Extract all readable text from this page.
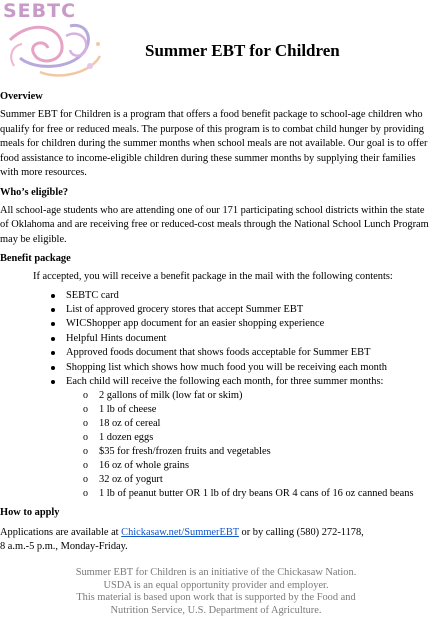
SEBTC
Summer EBT for Children
Overview

Summer EBT for Children is a program that offers a food benefit package to school-age children who qualify for free or reduced meals. The purpose of this program is to combat child hunger by providing meals for children during the summer months when school meals are not available. Our goal is to offer food assistance to income-eligible children during these summer months by supplying their families with more resources.

Who’s eligible?

All school-age students who are attending one of our 171 participating school districts within the state of Oklahoma and are receiving free or reduced-cost meals through the National School Lunch Program may be eligible.

Benefit package

If accepted, you will receive a benefit package in the mail with the following contents:

SEBTC card
List of approved grocery stores that accept Summer EBT
WICShopper app document for an easier shopping experience
Helpful Hints document
Approved foods document that shows foods acceptable for Summer EBT
Shopping list which shows how much food you will be receiving each month
Each child will receive the following each month, for three summer months:
o 2 gallons of milk (low fat or skim)
o 1 lb of cheese
o 18 oz of cereal
o 1 dozen eggs
o $35 for fresh/frozen fruits and vegetables
o 16 oz of whole grains
o 32 oz of yogurt
o 1 lb of peanut butter OR 1 lb of dry beans OR 4 cans of 16 oz canned beans
How to apply

Applications are available at Chickasaw.net/SummerEBT or by calling (580) 272-1178,
8 a.m.-5 p.m., Monday-Friday.

Summer EBT for Children is an initiative of the Chickasaw Nation.
USDA is an equal opportunity provider and employer.
This material is based upon work that is supported by the Food and Nutrition Service, U.S. Department of Agriculture.
